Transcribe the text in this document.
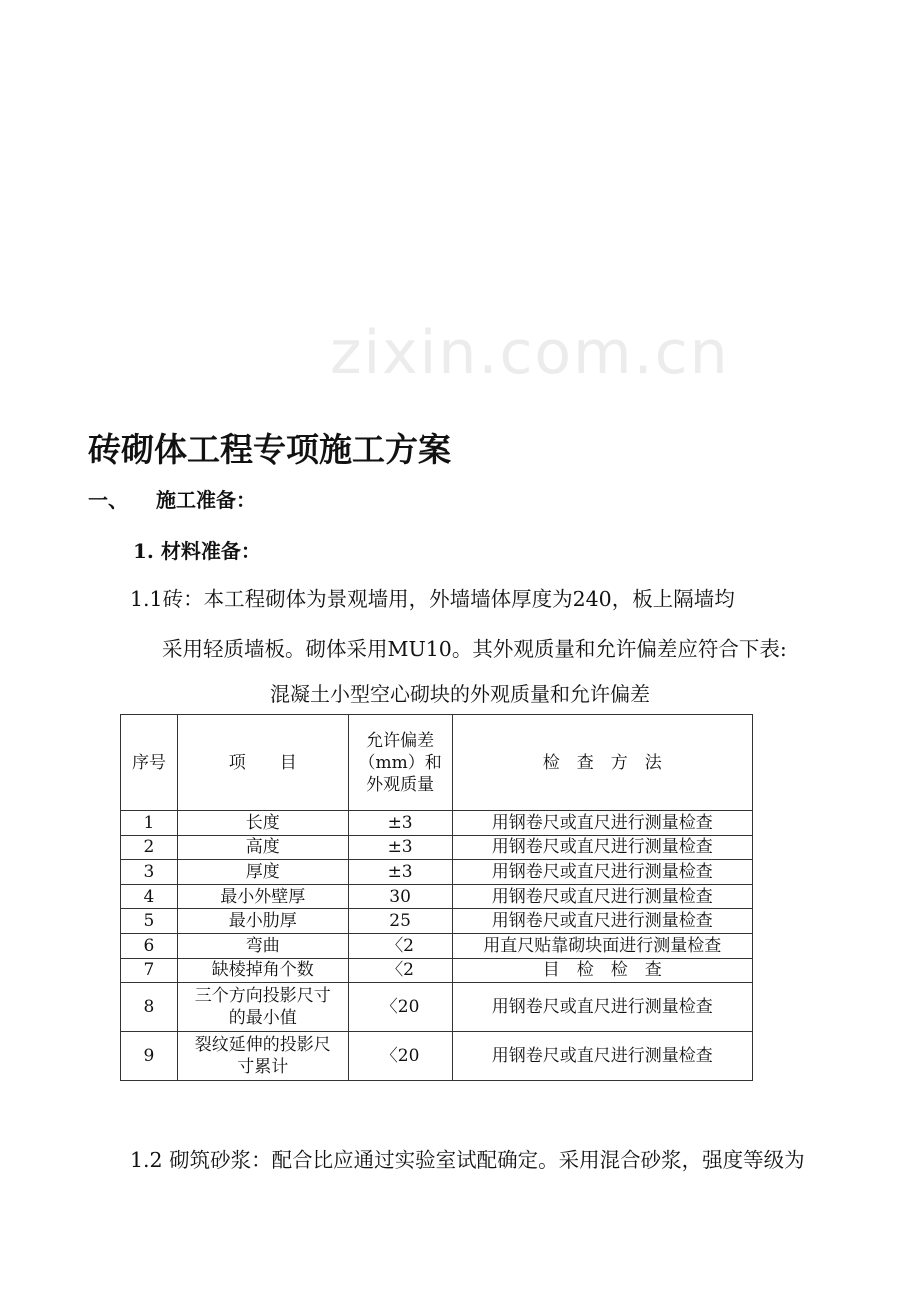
zixin.com.cn
砖砌体工程专项施工方案
一、 施工准备：
1. 材料准备：
1.1砖：本工程砌体为景观墙用，外墙墙体厚度为240，板上隔墙均
采用轻质墙板。砌体采用MU10。其外观质量和允许偏差应符合下表:
混凝土小型空心砌块的外观质量和允许偏差
序号	项　　目	允许偏差
（mm）和
外观质量	检　查　方　法
1	长度	±3	用钢卷尺或直尺进行测量检查
2	高度	±3	用钢卷尺或直尺进行测量检查
3	厚度	±3	用钢卷尺或直尺进行测量检查
4	最小外壁厚	30	用钢卷尺或直尺进行测量检查
5	最小肋厚	25	用钢卷尺或直尺进行测量检查
6	弯曲	〈2	用直尺贴靠砌块面进行测量检查
7	缺棱掉角个数	〈2	目　检　检　查
8	三个方向投影尺寸
的最小值	〈20	用钢卷尺或直尺进行测量检查
9	裂纹延伸的投影尺
寸累计	〈20	用钢卷尺或直尺进行测量检查
1.2 砌筑砂浆：配合比应通过实验室试配确定。采用混合砂浆，强度等级为
